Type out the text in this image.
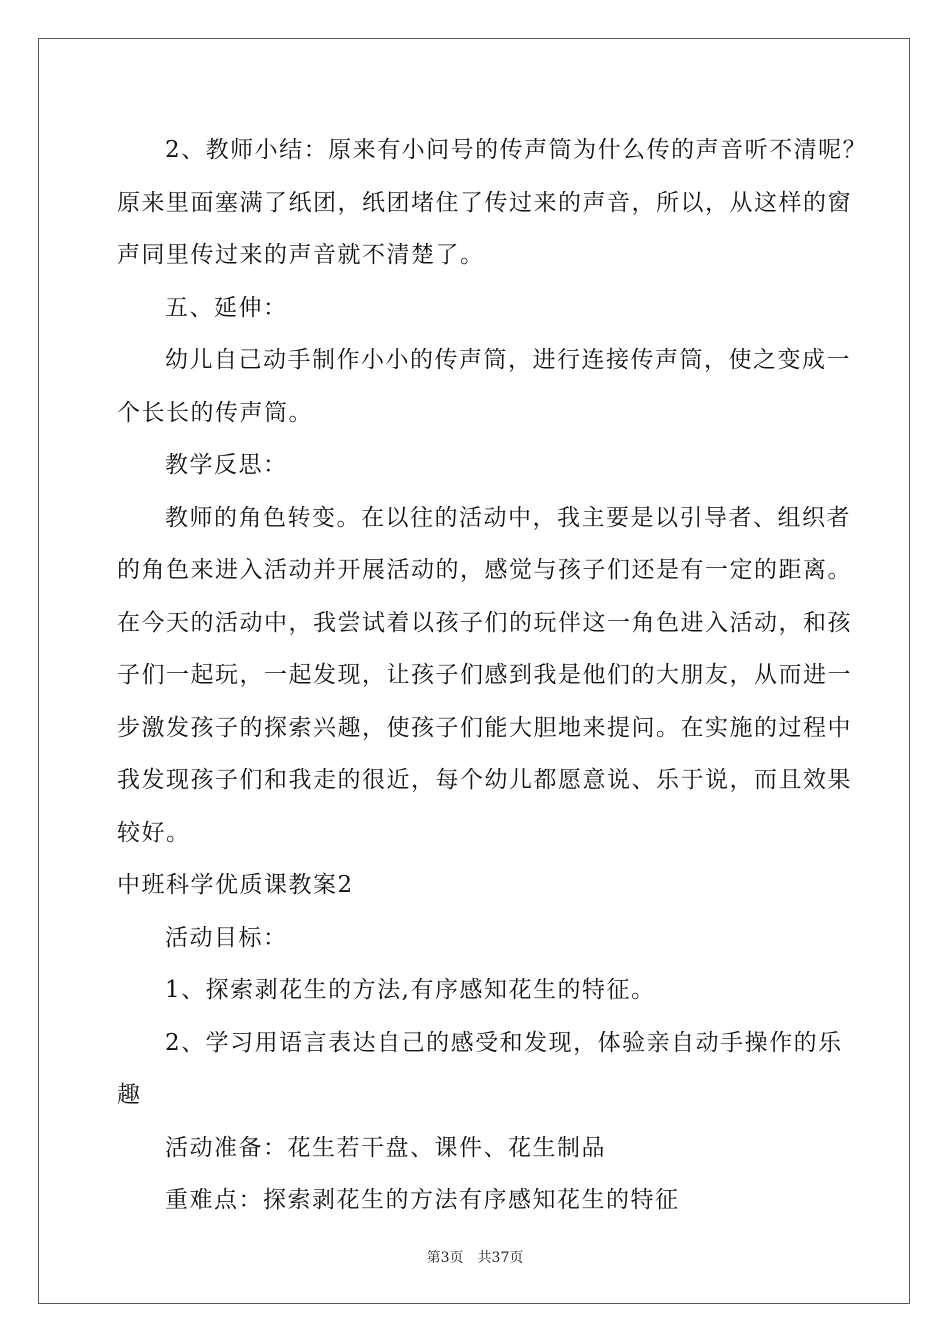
2、教师小结：原来有小问号的传声筒为什么传的声音听不清呢？
原来里面塞满了纸团，纸团堵住了传过来的声音，所以，从这样的窗
声同里传过来的声音就不清楚了。
五、延伸：
幼儿自己动手制作小小的传声筒，进行连接传声筒，使之变成一
个长长的传声筒。
教学反思：
教师的角色转变。在以往的活动中，我主要是以引导者、组织者
的角色来进入活动并开展活动的，感觉与孩子们还是有一定的距离。
在今天的活动中，我尝试着以孩子们的玩伴这一角色进入活动，和孩
子们一起玩，一起发现，让孩子们感到我是他们的大朋友，从而进一
步激发孩子的探索兴趣，使孩子们能大胆地来提问。在实施的过程中
我发现孩子们和我走的很近，每个幼儿都愿意说、乐于说，而且效果
较好。
中班科学优质课教案2
活动目标：
1、探索剥花生的方法,有序感知花生的特征。
2、学习用语言表达自己的感受和发现，体验亲自动手操作的乐
趣
活动准备：花生若干盘、课件、花生制品
重难点：探索剥花生的方法有序感知花生的特征
第3页 共37页
